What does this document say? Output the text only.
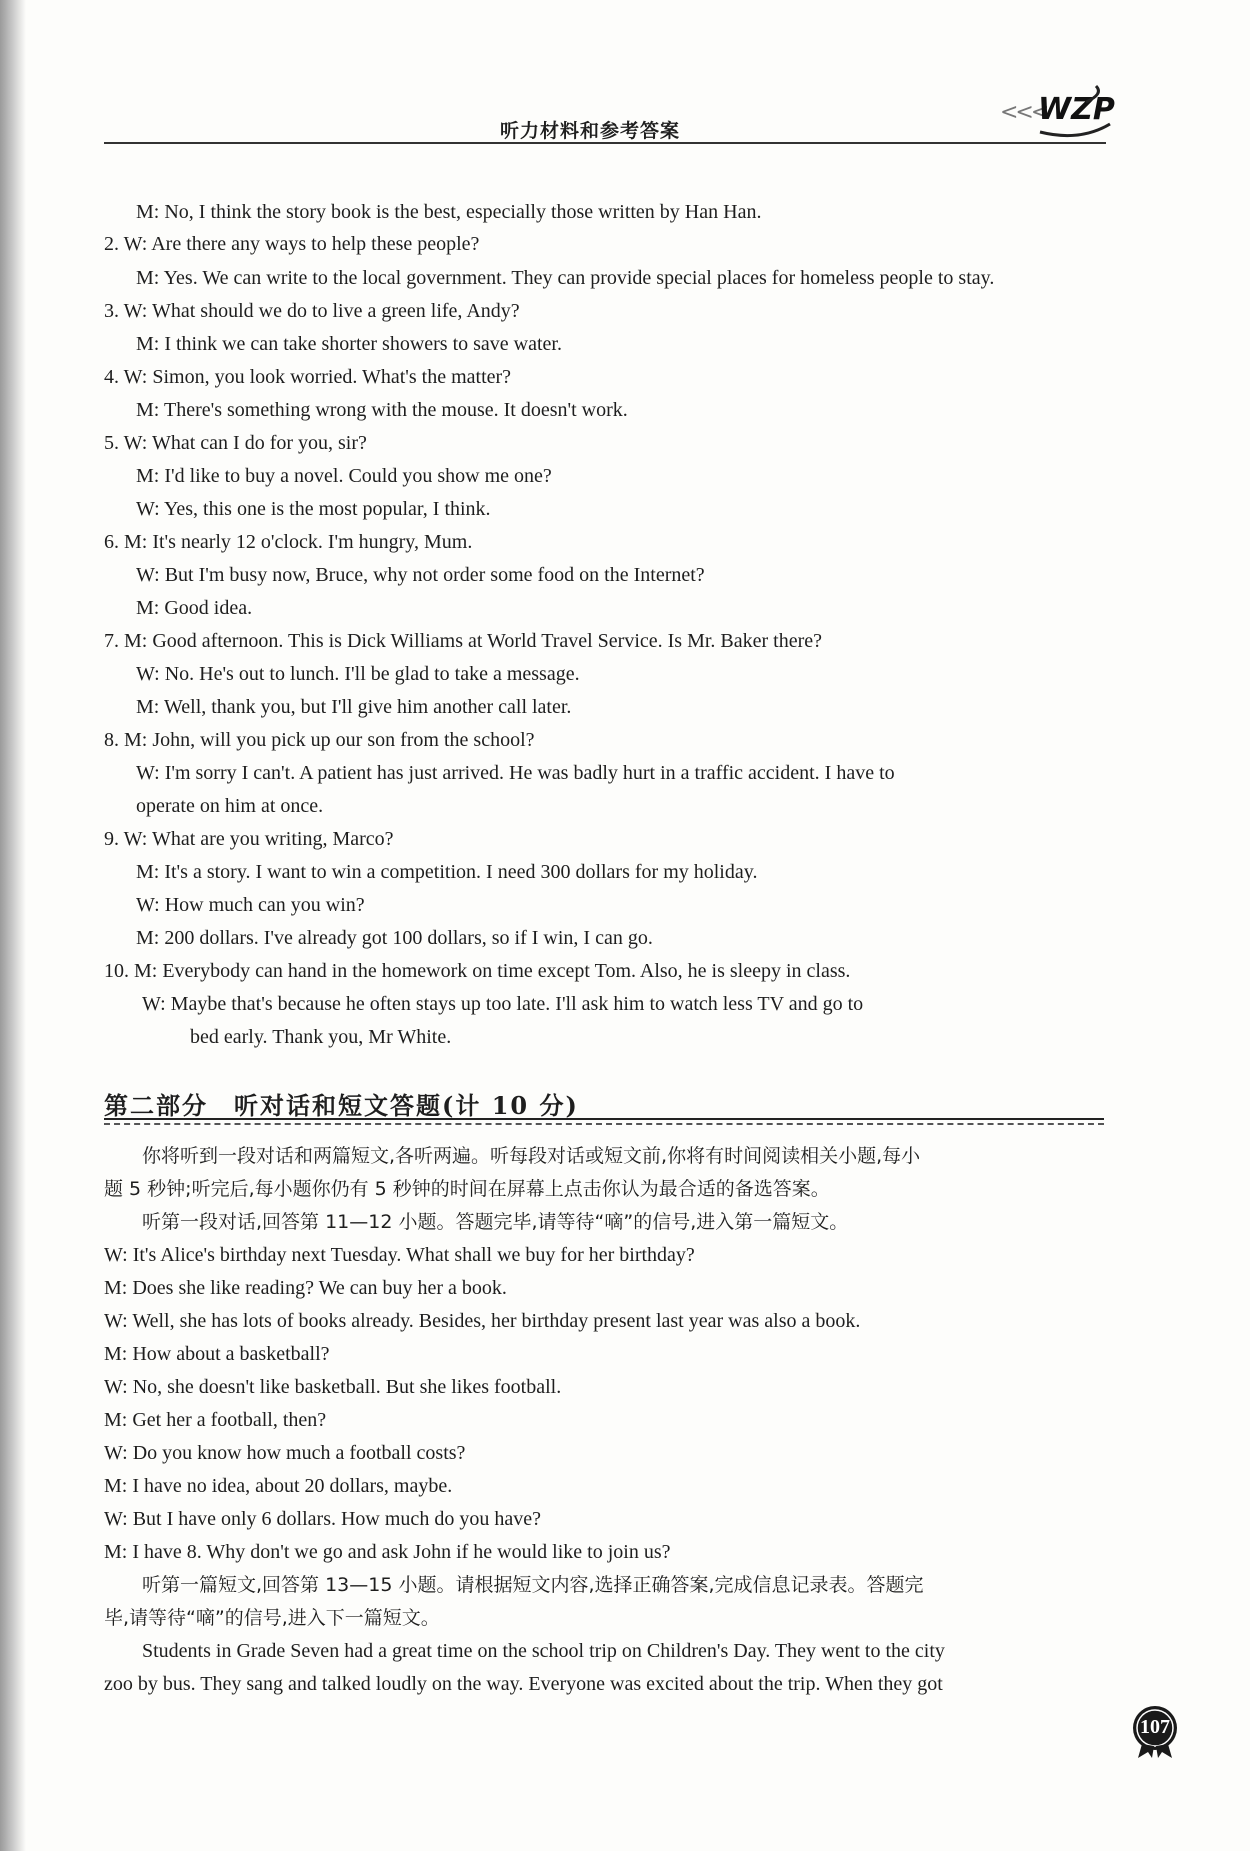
听力材料和参考答案
<<<
WZP
M: No, I think the story book is the best, especially those written by Han Han.
2. W: Are there any ways to help these people?
M: Yes. We can write to the local government. They can provide special places for homeless people to stay.
3. W: What should we do to live a green life, Andy?
M: I think we can take shorter showers to save water.
4. W: Simon, you look worried. What's the matter?
M: There's something wrong with the mouse. It doesn't work.
5. W: What can I do for you, sir?
M: I'd like to buy a novel. Could you show me one?
W: Yes, this one is the most popular, I think.
6. M: It's nearly 12 o'clock. I'm hungry, Mum.
W: But I'm busy now, Bruce, why not order some food on the Internet?
M: Good idea.
7. M: Good afternoon. This is Dick Williams at World Travel Service. Is Mr. Baker there?
W: No. He's out to lunch. I'll be glad to take a message.
M: Well, thank you, but I'll give him another call later.
8. M: John, will you pick up our son from the school?
W: I'm sorry I can't. A patient has just arrived. He was badly hurt in a traffic accident. I have to
operate on him at once.
9. W: What are you writing, Marco?
M: It's a story. I want to win a competition. I need 300 dollars for my holiday.
W: How much can you win?
M: 200 dollars. I've already got 100 dollars, so if I win, I can go.
10. M: Everybody can hand in the homework on time except Tom. Also, he is sleepy in class.
W: Maybe that's because he often stays up too late. I'll ask him to watch less TV and go to
bed early. Thank you, Mr White.
第二部分　听对话和短文答题(计 10 分)
你将听到一段对话和两篇短文,各听两遍。听每段对话或短文前,你将有时间阅读相关小题,每小
题 5 秒钟;听完后,每小题你仍有 5 秒钟的时间在屏幕上点击你认为最合适的备选答案。
听第一段对话,回答第 11—12 小题。答题完毕,请等待“嘀”的信号,进入第一篇短文。
W: It's Alice's birthday next Tuesday. What shall we buy for her birthday?
M: Does she like reading? We can buy her a book.
W: Well, she has lots of books already. Besides, her birthday present last year was also a book.
M: How about a basketball?
W: No, she doesn't like basketball. But she likes football.
M: Get her a football, then?
W: Do you know how much a football costs?
M: I have no idea, about 20 dollars, maybe.
W: But I have only 6 dollars. How much do you have?
M: I have 8. Why don't we go and ask John if he would like to join us?
听第一篇短文,回答第 13—15 小题。请根据短文内容,选择正确答案,完成信息记录表。答题完
毕,请等待“嘀”的信号,进入下一篇短文。
Students in Grade Seven had a great time on the school trip on Children's Day. They went to the city
zoo by bus. They sang and talked loudly on the way. Everyone was excited about the trip. When they got
107
